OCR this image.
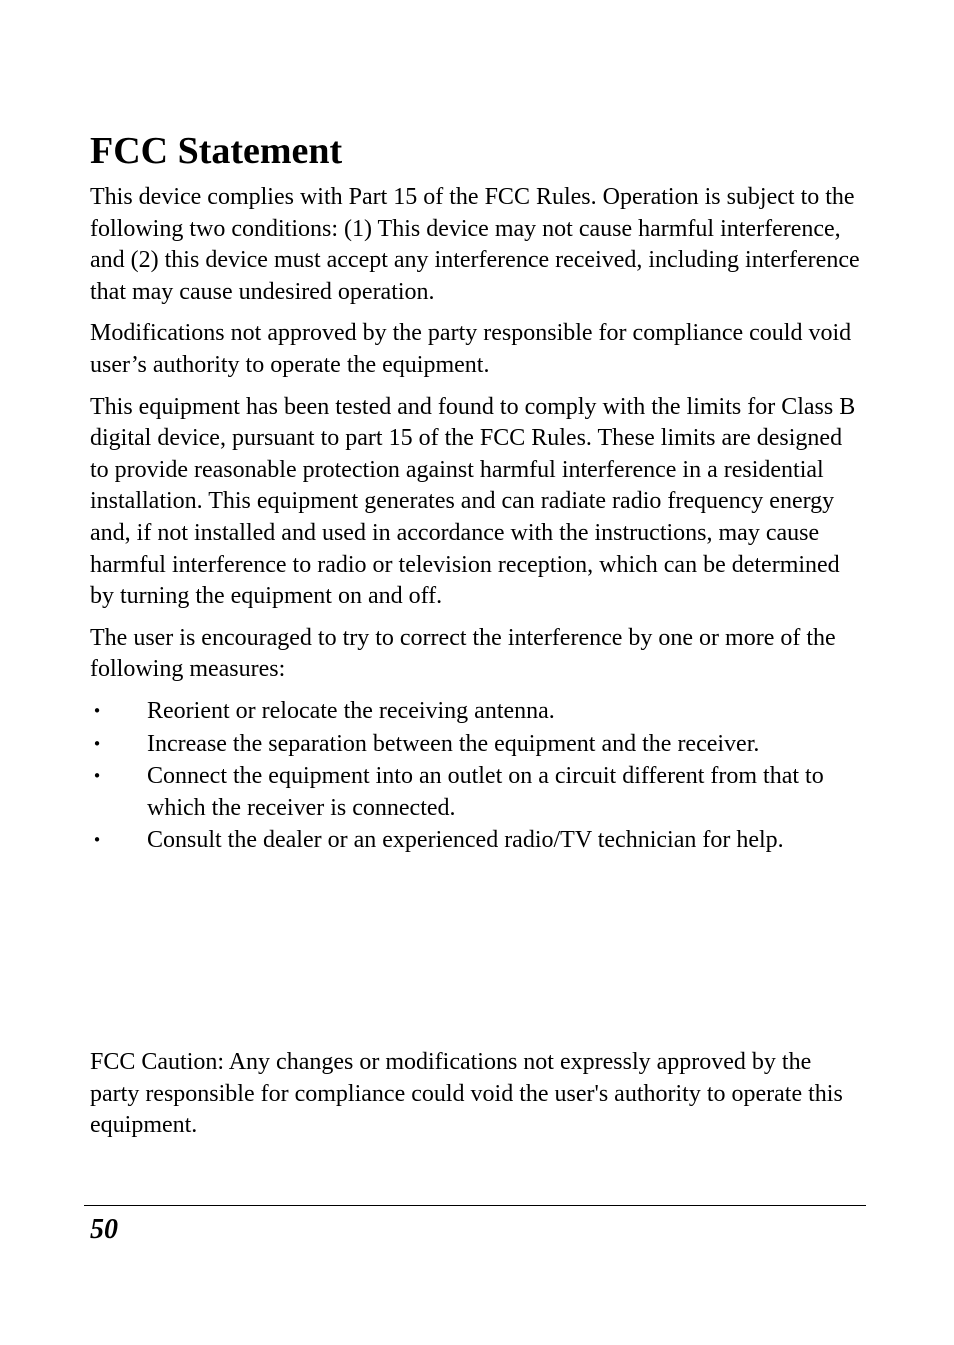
FCC Statement

This device complies with Part 15 of the FCC Rules. Operation is subject to the following two conditions: (1) This device may not cause harmful interference, and (2) this device must accept any interference received, including interference that may cause undesired operation.

Modifications not approved by the party responsible for compliance could void user’s authority to operate the equipment.

This equipment has been tested and found to comply with the limits for Class B digital device, pursuant to part 15 of the FCC Rules. These limits are designed to provide reasonable protection against harmful interference in a residential installation. This equipment generates and can radiate radio frequency energy and, if not installed and used in accordance with the instructions, may cause harmful interference to radio or television reception, which can be determined by turning the equipment on and off.

The user is encouraged to try to correct the interference by one or more of the following measures:

• Reorient or relocate the receiving antenna.
• Increase the separation between the equipment and the receiver.
• Connect the equipment into an outlet on a circuit different from that to which the receiver is connected.
• Consult the dealer or an experienced radio/TV technician for help.

FCC Caution: Any changes or modifications not expressly approved by the party responsible for compliance could void the user's authority to operate this equipment.

50
